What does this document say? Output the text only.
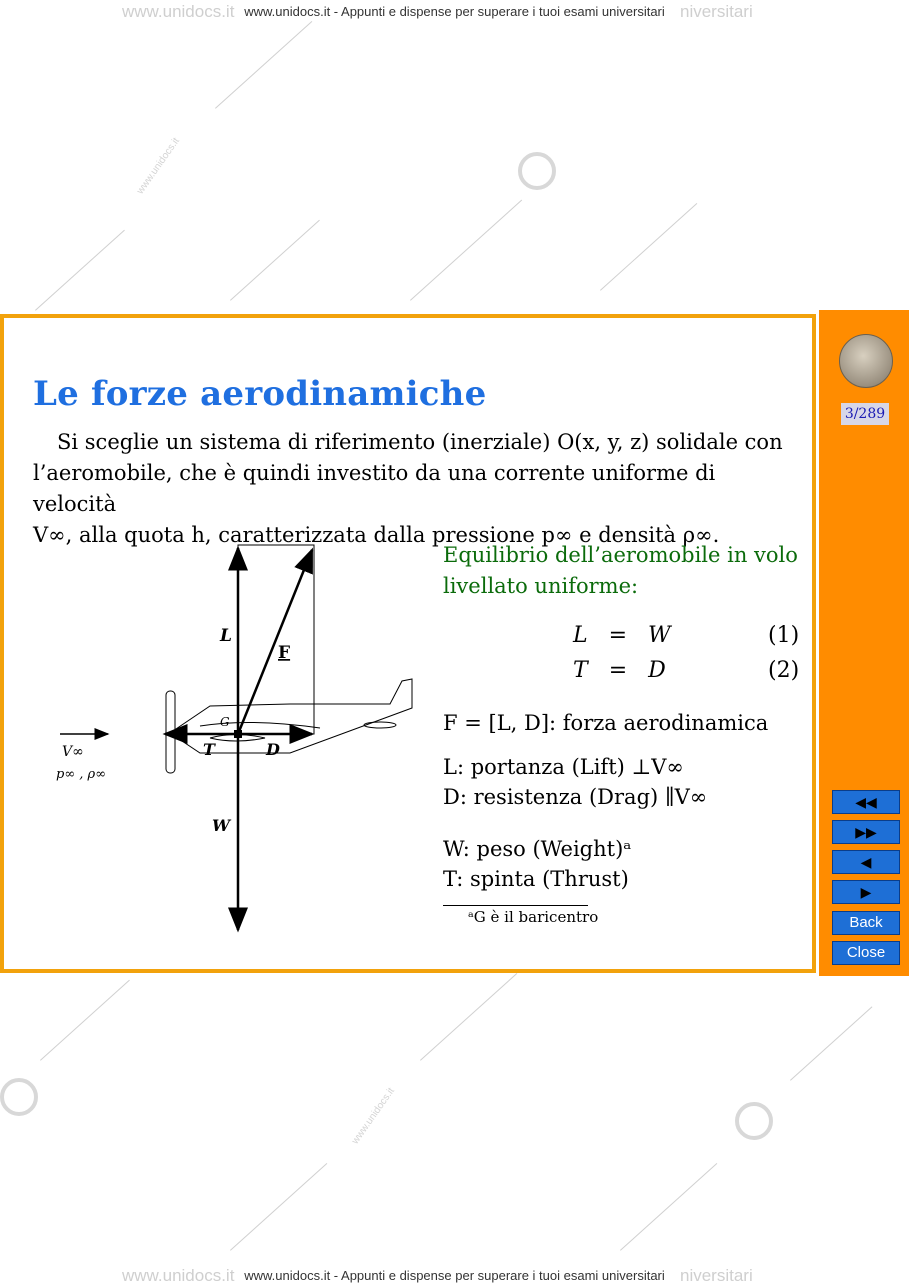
www.unidocs.it	niversitari
www.unidocs.it - Appunti e dispense per superare i tuoi esami universitari
www.unidocs.it	niversitari
www.unidocs.it - Appunti e dispense per superare i tuoi esami universitari
www.unidocs.it
www.unidocs.it
Le forze aerodinamiche
Si sceglie un sistema di riferimento (inerziale) O(x, y, z) solidale con
l’aeromobile, che è quindi investito da una corrente uniforme di velocità
V∞, alla quota h, caratterizzata dalla pressione p∞ e densità ρ∞.
L
F
G
T	D
W
V∞
p∞ , ρ∞
Equilibrio dell’aeromobile in volo livellato uniforme:
L = W	(1)
T = D	(2)
F = [L, D]: forza aerodinamica
L: portanza (Lift) ⊥V∞
D: resistenza (Drag) ∥V∞
W: peso (Weight)ᵃ
T: spinta (Thrust)
ᵃG è il baricentro
3/289
◀◀
▶▶
◀
▶
Back
Close
